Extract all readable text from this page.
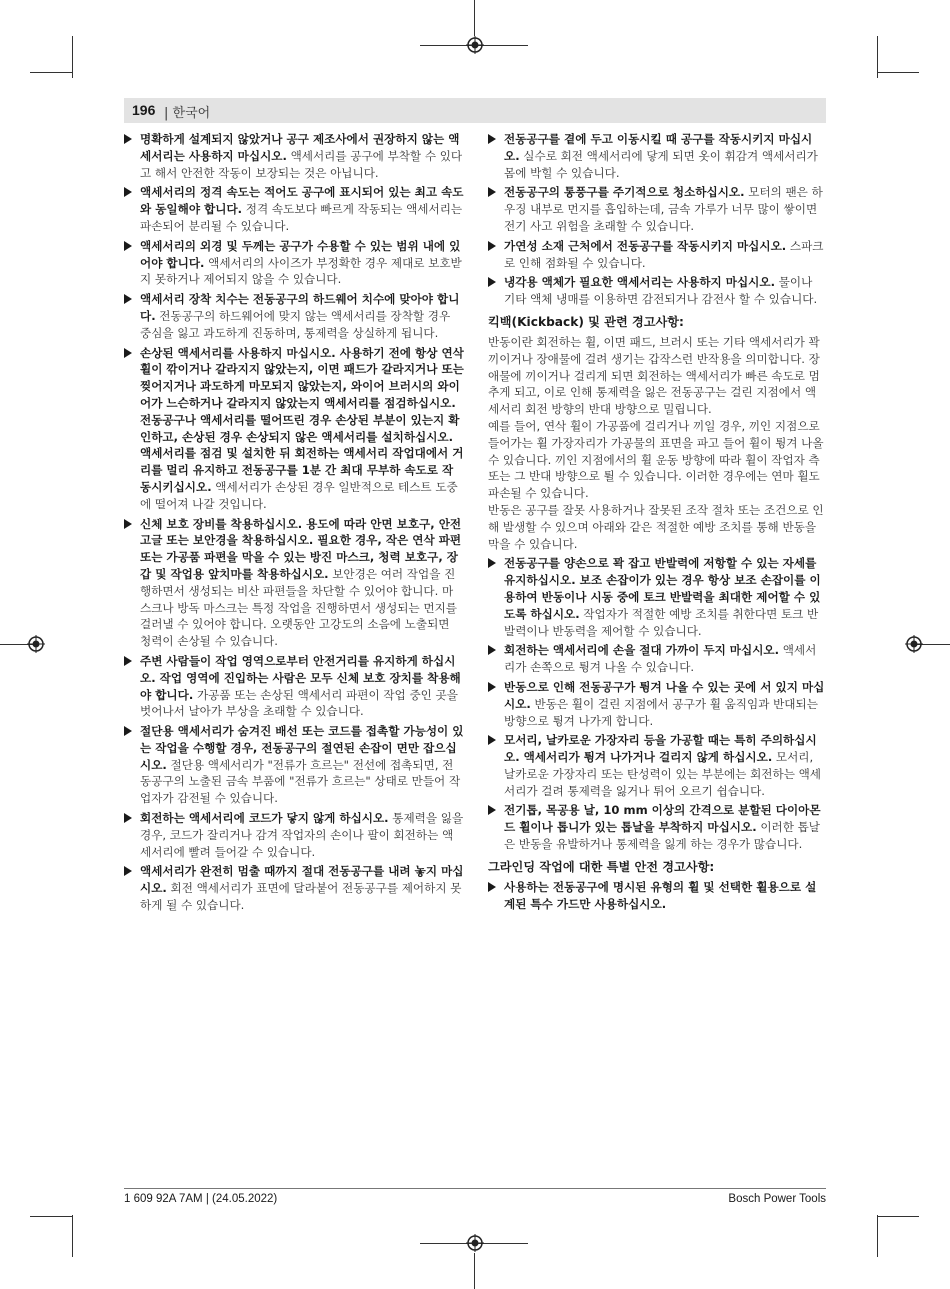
196 | 한국어
명확하게 설계되지 않았거나 공구 제조사에서 권장하지 않는 액세서리는 사용하지 마십시오. 액세서리를 공구에 부착할 수 있다고 해서 안전한 작동이 보장되는 것은 아닙니다.
액세서리의 정격 속도는 적어도 공구에 표시되어 있는 최고 속도와 동일해야 합니다. 정격 속도보다 빠르게 작동되는 액세서리는 파손되어 분리될 수 있습니다.
액세서리의 외경 및 두께는 공구가 수용할 수 있는 범위 내에 있어야 합니다. 액세서리의 사이즈가 부정확한 경우 제대로 보호받지 못하거나 제어되지 않을 수 있습니다.
액세서리 장착 치수는 전동공구의 하드웨어 치수에 맞아야 합니다. 전동공구의 하드웨어에 맞지 않는 액세서리를 장착할 경우 중심을 잃고 과도하게 진동하며, 통제력을 상실하게 됩니다.
손상된 액세서리를 사용하지 마십시오. 사용하기 전에 항상 연삭 휠이 깎이거나 갈라지지 않았는지, 이면 패드가 갈라지거나 또는 찢어지거나 과도하게 마모되지 않았는지, 와이어 브러시의 와이어가 느슨하거나 갈라지지 않았는지 액세서리를 점검하십시오. 전동공구나 액세서리를 떨어뜨린 경우 손상된 부분이 있는지 확인하고, 손상된 경우 손상되지 않은 액세서리를 설치하십시오. 액세서리를 점검 및 설치한 뒤 회전하는 액세서리 작업대에서 거리를 멀리 유지하고 전동공구를 1분 간 최대 무부하 속도로 작동시키십시오. 액세서리가 손상된 경우 일반적으로 테스트 도중에 떨어져 나갈 것입니다.
신체 보호 장비를 착용하십시오. 용도에 따라 안면 보호구, 안전 고글 또는 보안경을 착용하십시오. 필요한 경우, 작은 연삭 파편 또는 가공품 파편을 막을 수 있는 방진 마스크, 청력 보호구, 장갑 및 작업용 앞치마를 착용하십시오. 보안경은 여러 작업을 진행하면서 생성되는 비산 파편들을 차단할 수 있어야 합니다. 마스크나 방독 마스크는 특정 작업을 진행하면서 생성되는 먼지를 걸러낼 수 있어야 합니다. 오랫동안 고강도의 소음에 노출되면 청력이 손상될 수 있습니다.
주변 사람들이 작업 영역으로부터 안전거리를 유지하게 하십시오. 작업 영역에 진입하는 사람은 모두 신체 보호 장치를 착용해야 합니다. 가공품 또는 손상된 액세서리 파편이 작업 중인 곳을 벗어나서 날아가 부상을 초래할 수 있습니다.
절단용 액세서리가 숨겨진 배선 또는 코드를 접촉할 가능성이 있는 작업을 수행할 경우, 전동공구의 절연된 손잡이 면만 잡으십시오. 절단용 액세서리가 "전류가 흐르는" 전선에 접촉되면, 전동공구의 노출된 금속 부품에 "전류가 흐르는" 상태로 만들어 작업자가 감전될 수 있습니다.
회전하는 액세서리에 코드가 닿지 않게 하십시오. 통제력을 잃을 경우, 코드가 잘리거나 감겨 작업자의 손이나 팔이 회전하는 액세서리에 빨려 들어갈 수 있습니다.
액세서리가 완전히 멈출 때까지 절대 전동공구를 내려 놓지 마십시오. 회전 액세서리가 표면에 달라붙어 전동공구를 제어하지 못하게 될 수 있습니다.
전동공구를 곁에 두고 이동시킬 때 공구를 작동시키지 마십시오. 실수로 회전 액세서리에 닿게 되면 옷이 휘감겨 액세서리가 몸에 박힐 수 있습니다.
전동공구의 통풍구를 주기적으로 청소하십시오. 모터의 팬은 하우징 내부로 먼지를 흡입하는데, 금속 가루가 너무 많이 쌓이면 전기 사고 위험을 초래할 수 있습니다.
가연성 소재 근처에서 전동공구를 작동시키지 마십시오. 스파크로 인해 점화될 수 있습니다.
냉각용 액체가 필요한 액세서리는 사용하지 마십시오. 물이나 기타 액체 냉매를 이용하면 감전되거나 감전사 할 수 있습니다.
킥백(Kickback) 및 관련 경고사항:

반동이란 회전하는 휠, 이면 패드, 브러시 또는 기타 액세서리가 꽉 끼이거나 장애물에 걸려 생기는 갑작스런 반작용을 의미합니다. 장애물에 끼이거나 걸리게 되면 회전하는 액세서리가 빠른 속도로 멈추게 되고, 이로 인해 통제력을 잃은 전동공구는 걸린 지점에서 액세서리 회전 방향의 반대 방향으로 밀립니다.

예를 들어, 연삭 휠이 가공품에 걸리거나 끼일 경우, 끼인 지점으로 들어가는 휠 가장자리가 가공물의 표면을 파고 들어 휠이 튕겨 나올 수 있습니다. 끼인 지점에서의 휠 운동 방향에 따라 휠이 작업자 측 또는 그 반대 방향으로 튈 수 있습니다. 이러한 경우에는 연마 휠도 파손될 수 있습니다.

반동은 공구를 잘못 사용하거나 잘못된 조작 절차 또는 조건으로 인해 발생할 수 있으며 아래와 같은 적절한 예방 조치를 통해 반동을 막을 수 있습니다.

전동공구를 양손으로 꽉 잡고 반발력에 저항할 수 있는 자세를 유지하십시오. 보조 손잡이가 있는 경우 항상 보조 손잡이를 이용하여 반동이나 시동 중에 토크 반발력을 최대한 제어할 수 있도록 하십시오. 작업자가 적절한 예방 조치를 취한다면 토크 반발력이나 반동력을 제어할 수 있습니다.
회전하는 액세서리에 손을 절대 가까이 두지 마십시오. 액세서리가 손쪽으로 튕겨 나올 수 있습니다.
반동으로 인해 전동공구가 튕겨 나올 수 있는 곳에 서 있지 마십시오. 반동은 휠이 걸린 지점에서 공구가 휠 움직임과 반대되는 방향으로 튕겨 나가게 합니다.
모서리, 날카로운 가장자리 등을 가공할 때는 특히 주의하십시오. 액세서리가 튕겨 나가거나 걸리지 않게 하십시오. 모서리, 날카로운 가장자리 또는 탄성력이 있는 부분에는 회전하는 액세서리가 걸려 통제력을 잃거나 튀어 오르기 쉽습니다.
전기톱, 목공용 날, 10 mm 이상의 간격으로 분할된 다이아몬드 휠이나 톱니가 있는 톱날을 부착하지 마십시오. 이러한 톱날은 반동을 유발하거나 통제력을 잃게 하는 경우가 많습니다.
그라인딩 작업에 대한 특별 안전 경고사항:
사용하는 전동공구에 명시된 유형의 휠 및 선택한 휠용으로 설계된 특수 가드만 사용하십시오.
1 609 92A 7AM | (24.05.2022)	Bosch Power Tools
